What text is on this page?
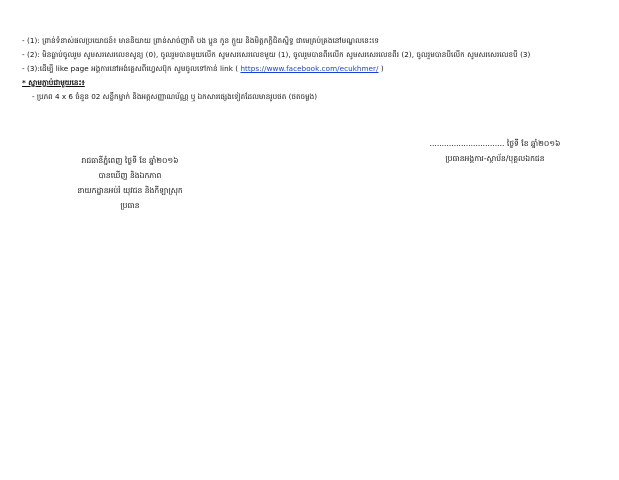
- (1): ព្រាន់ទំនាស់ផលប្រយោជន៍៖ មាននិយាយ ព្រាន់សាច់ញាតិ បង ប្អូន កូន ក្មួយ និងមិត្តភក្តិជិតស្និទ្ធ ជាមេគ្រប់គ្រងនៅមណ្ឌលនេះទេ
- (2): មិនធ្លាប់ចូលរួម សូមសរសេរលេខសូន្យ (0), ចូលរួមបានមួយលើក សូមសរសេរលេខមួយ (1), ចូលរួមបានពីរលើក សូមសរសេរលេខពីរ (2), ចូលរួមបានបីលើក សូមសរសេរលេខបី (3)
- (3):ដើម្បី like page អង្គការនៅអង់គ្លេសពីហ្វេសប៊ុក សូមចូលទៅកាន់ link ( https://www.facebook.com/ecukhmer/ )
* ស្នាមភ្ជាប់ជាមួយនេះ៖
- ប្រភព 4 x 6 ចំនួន 02 សន្លឹកម្នាក់ និងអត្តសញ្ញាណប័ណ្ណ ឬ ឯកសារផ្សេងទៀតដែលមានរូបថត (ថតចម្លង)
............................... ថ្ងៃទី ខែ ឆ្នាំ២០១៦
ប្រធានអង្គការ-ស្ថាប័ន/បុគ្គលឯកជន
រាជធានីភ្នំពេញ ថ្ងៃទី ខែ ឆ្នាំ២០១៦
បានឃើញ និងឯកភាព
នាយកដ្ឋានអប់រំ យុវជន និងកីឡាស្រុក
ប្រធាន
